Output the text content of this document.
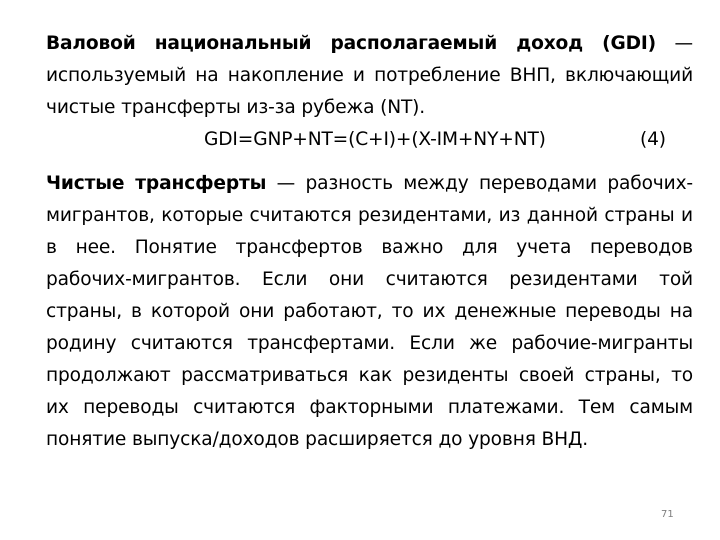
Валовой национальный располагаемый доход (GDI) — используемый на накопление и потребление ВНП, включающий чистые трансферты из-за рубежа (NT).

GDI=GNP+NT=(C+I)+(X-IM+NY+NT)	(4)

Чистые трансферты — разность между переводами рабочих-мигрантов, которые считаются резидентами, из данной страны и в нее. Понятие трансфертов важно для учета переводов рабочих-мигрантов. Если они считаются резидентами той страны, в которой они работают, то их денежные переводы на родину считаются трансфертами. Если же рабочие-мигранты продолжают рассматриваться как резиденты своей страны, то их переводы считаются факторными платежами. Тем самым понятие выпуска/доходов расширяется до уровня ВНД.

71
